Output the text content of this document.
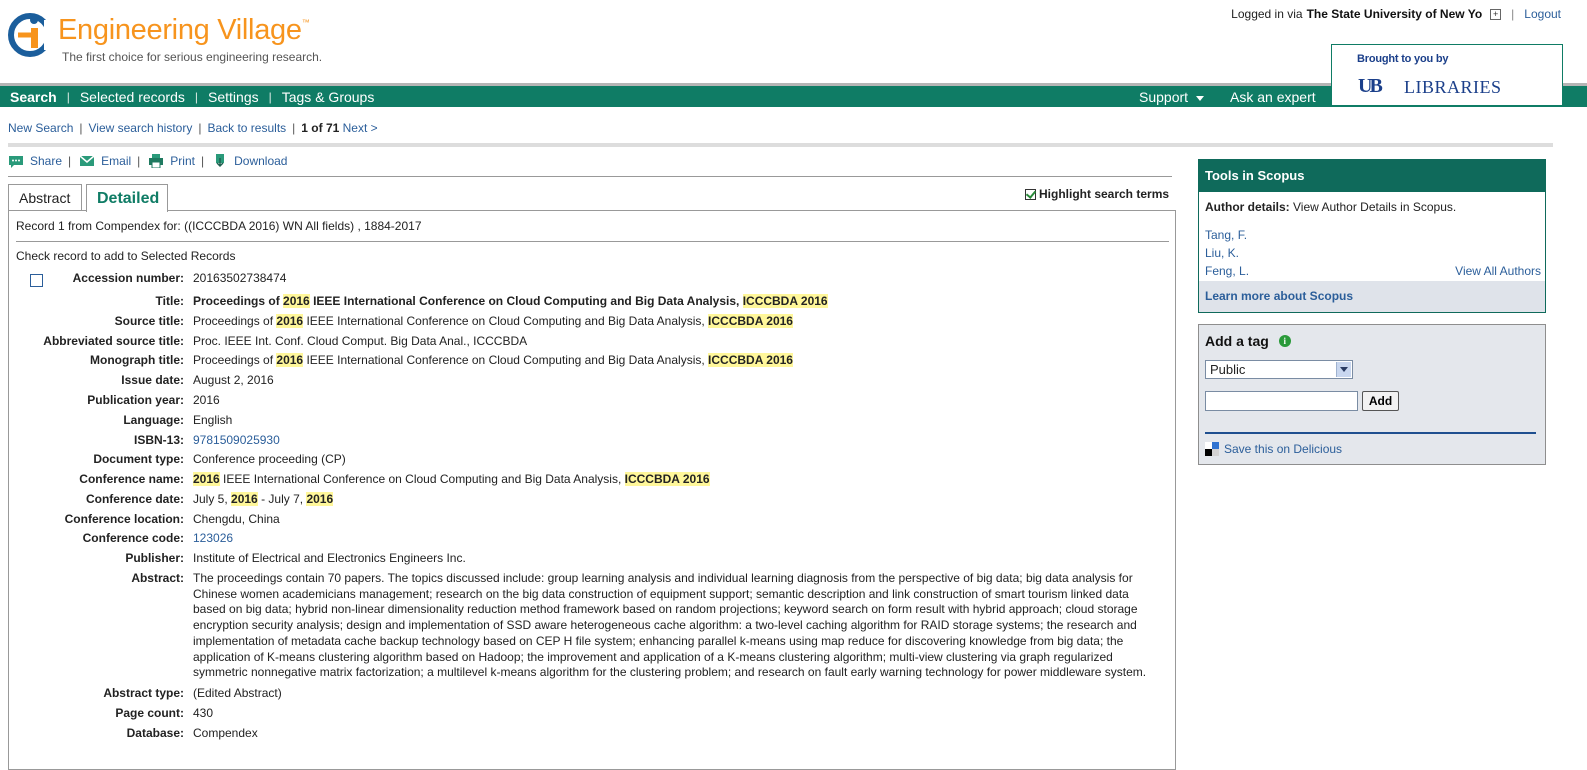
Engineering Village™
The first choice for serious engineering research.
Logged in via The State University of New Yo	+ | Logout
Search | Selected records | Settings | Tags & Groups	Support	Ask an expert
Brought to you by
UB LIBRARIES
New Search | View search history | Back to results | 1 of 71 Next >
Share |	Email |	Print |	Download
Abstract	Detailed	Highlight search terms
Record 1 from Compendex for: ((ICCCBDA 2016) WN All fields) , 1884-2017
Check record to add to Selected Records
Accession number: 20163502738474
Title: Proceedings of 2016 IEEE International Conference on Cloud Computing and Big Data Analysis, ICCCBDA 2016
Source title: Proceedings of 2016 IEEE International Conference on Cloud Computing and Big Data Analysis, ICCCBDA 2016
Abbreviated source title: Proc. IEEE Int. Conf. Cloud Comput. Big Data Anal., ICCCBDA
Monograph title: Proceedings of 2016 IEEE International Conference on Cloud Computing and Big Data Analysis, ICCCBDA 2016
Issue date: August 2, 2016
Publication year: 2016
Language: English
ISBN-13: 9781509025930
Document type: Conference proceeding (CP)
Conference name: 2016 IEEE International Conference on Cloud Computing and Big Data Analysis, ICCCBDA 2016
Conference date: July 5, 2016 - July 7, 2016
Conference location: Chengdu, China
Conference code: 123026
Publisher: Institute of Electrical and Electronics Engineers Inc.
Abstract: The proceedings contain 70 papers. The topics discussed include: group learning analysis and individual learning diagnosis from the perspective of big data; big data analysis for
Chinese women academicians management; research on the big data construction of equipment support; semantic description and link construction of smart tourism linked data
based on big data; hybrid non-linear dimensionality reduction method framework based on random projections; keyword search on form result with hybrid approach; cloud storage
encryption security analysis; design and implementation of SSD aware heterogeneous cache algorithm: a two-level caching algorithm for RAID storage systems; the research and
implementation of metadata cache backup technology based on CEP H file system; enhancing parallel k-means using map reduce for discovering knowledge from big data; the
application of K-means clustering algorithm based on Hadoop; the improvement and application of a K-means clustering algorithm; multi-view clustering via graph regularized
symmetric nonnegative matrix factorization; a multilevel k-means algorithm for the clustering problem; and research on fault early warning technology for power middleware system.
Abstract type: (Edited Abstract)
Page count: 430
Database: Compendex
Tools in Scopus
Author details: View Author Details in Scopus.
Tang, F.
Liu, K.
Feng, L.	View All Authors
Learn more about Scopus
Add a tag	i
Public
Add
Save this on Delicious
